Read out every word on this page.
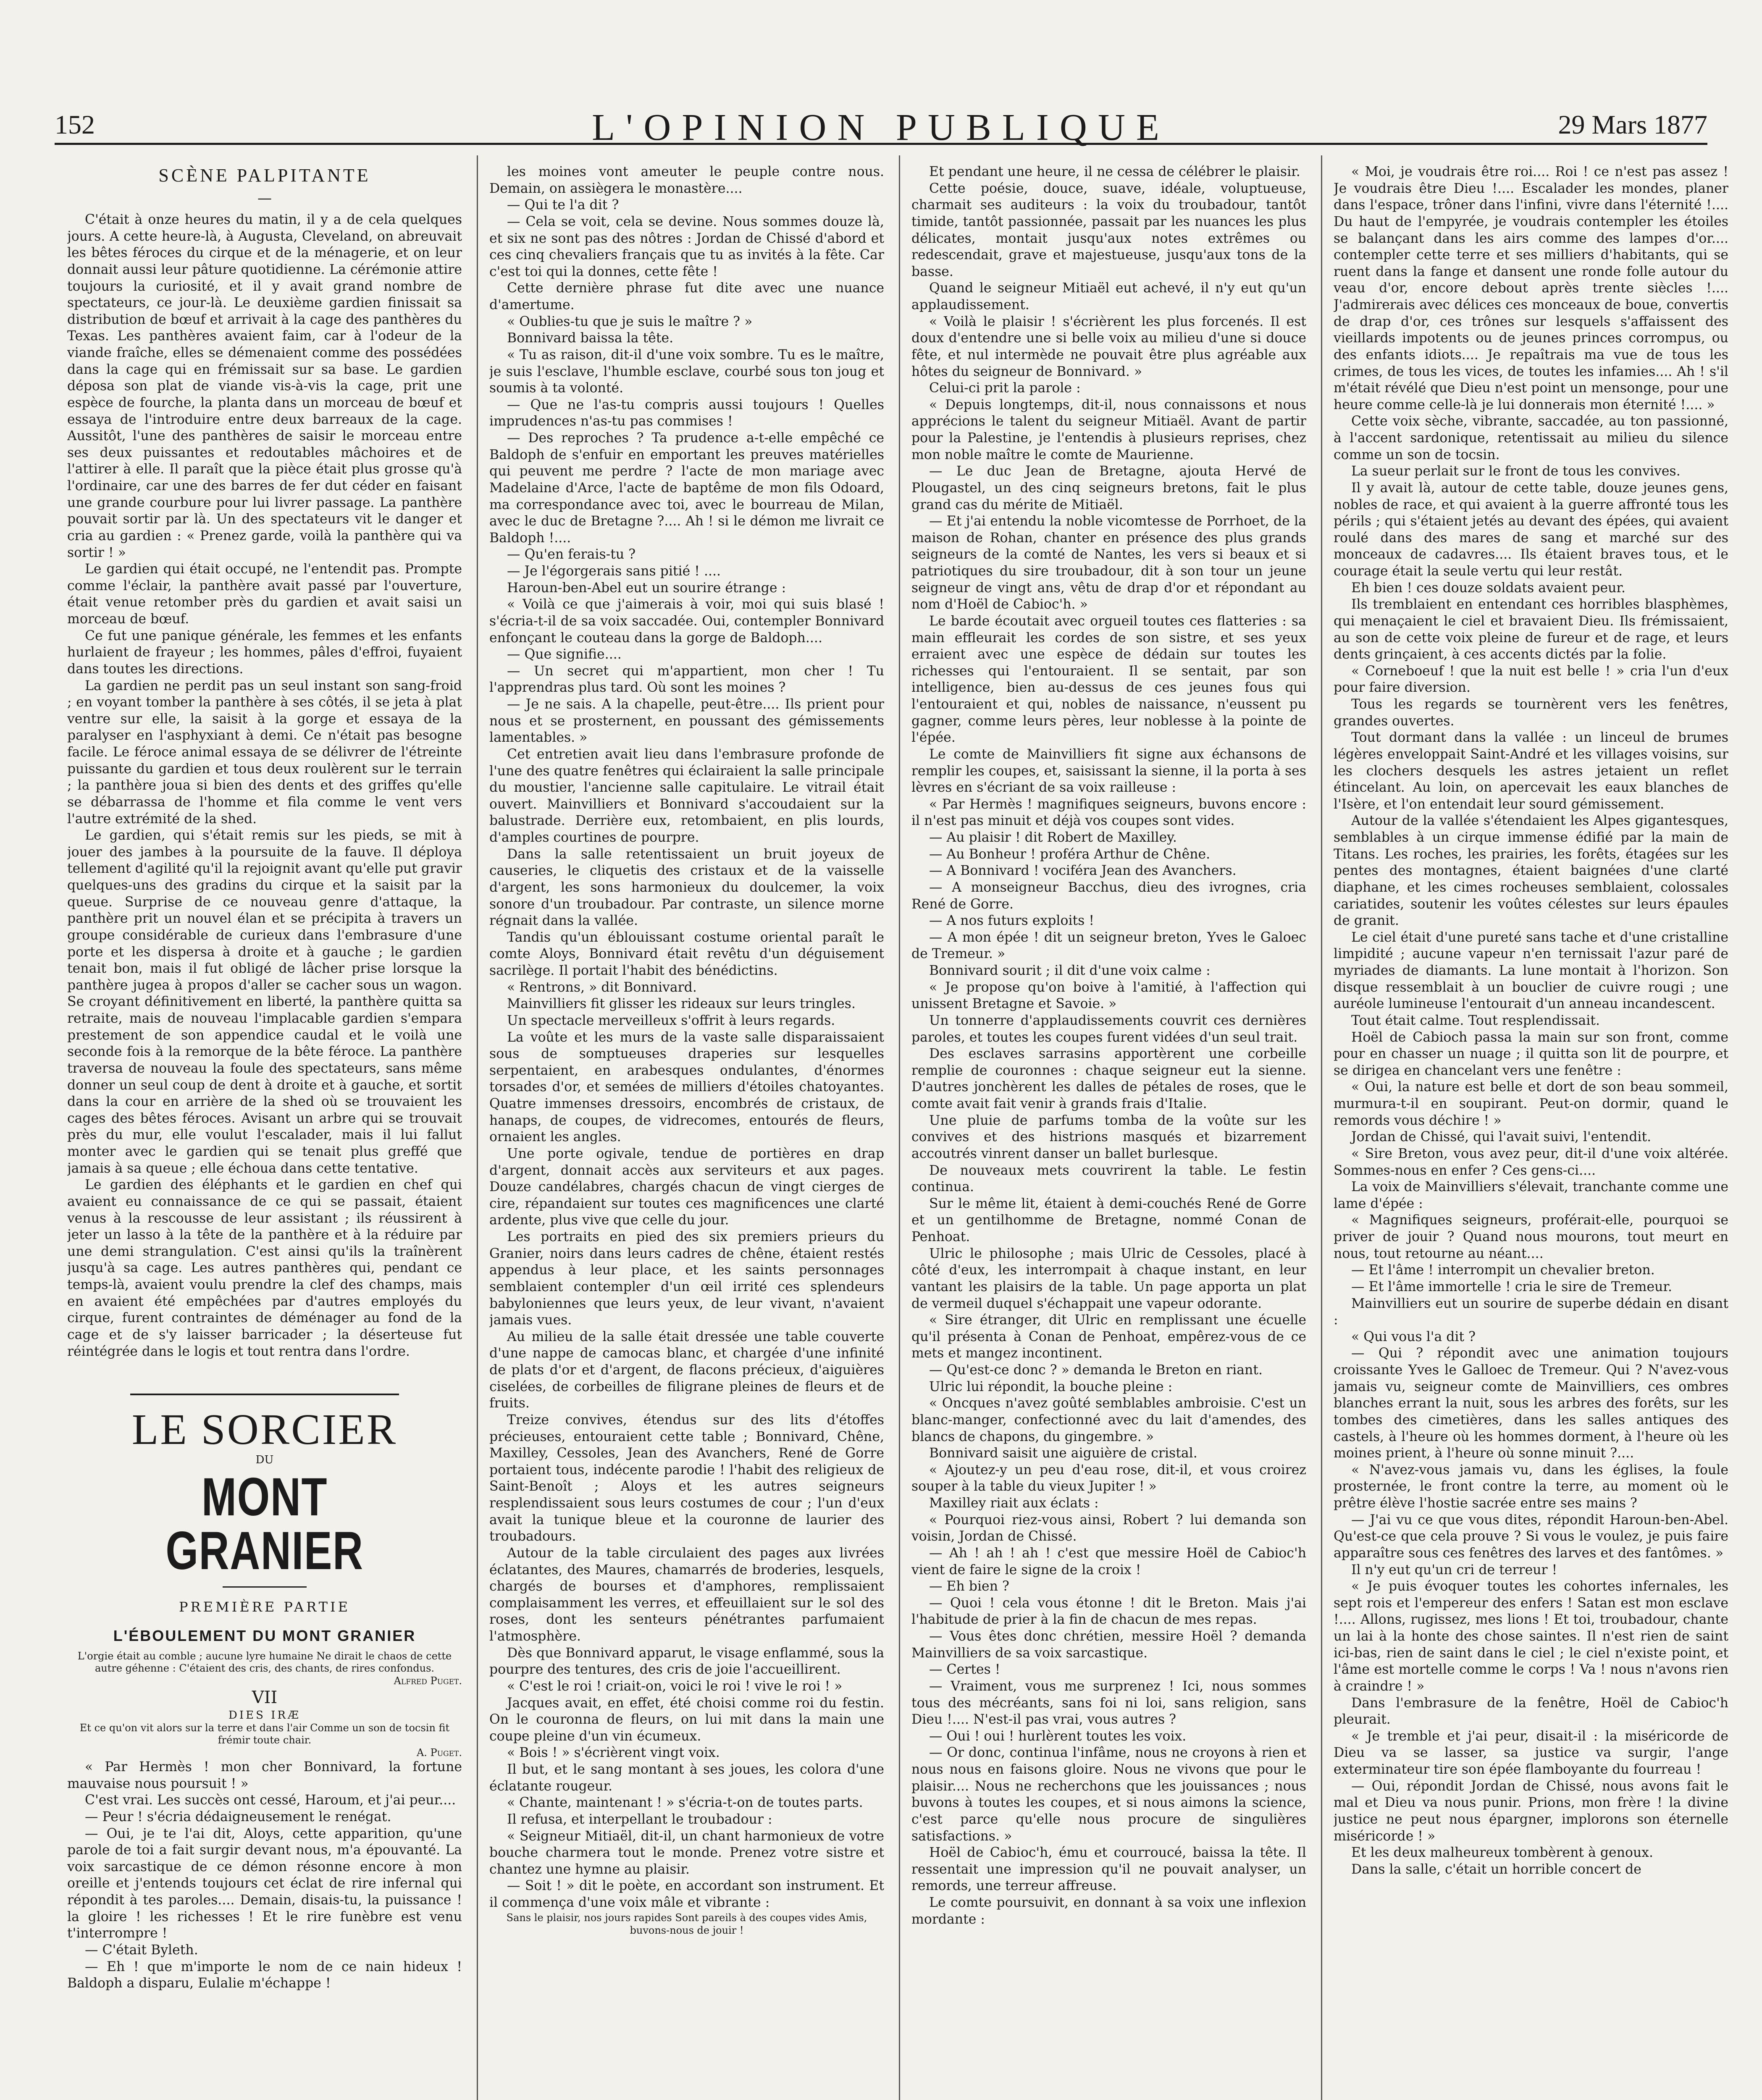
152	L'OPINION PUBLIQUE	29 Mars 1877
SCÈNE PALPITANTE
—

C'était à onze heures du matin, il y a de cela quelques jours. A cette heure-là, à Augusta, Cleveland, on abreuvait les bêtes féroces du cirque et de la ménagerie, et on leur donnait aussi leur pâture quotidienne. La cérémonie attire toujours la curiosité, et il y avait grand nombre de spectateurs, ce jour-là. Le deuxième gardien finissait sa distribution de bœuf et arrivait à la cage des panthères du Texas. Les panthères avaient faim, car à l'odeur de la viande fraîche, elles se démenaient comme des possédées dans la cage qui en frémissait sur sa base. Le gardien déposa son plat de viande vis-à-vis la cage, prit une espèce de fourche, la planta dans un morceau de bœuf et essaya de l'introduire entre deux barreaux de la cage. Aussitôt, l'une des panthères de saisir le morceau entre ses deux puissantes et redoutables mâchoires et de l'attirer à elle. Il paraît que la pièce était plus grosse qu'à l'ordinaire, car une des barres de fer dut céder en faisant une grande courbure pour lui livrer passage. La panthère pouvait sortir par là. Un des spectateurs vit le danger et cria au gardien : « Prenez garde, voilà la panthère qui va sortir ! »

Le gardien qui était occupé, ne l'entendit pas. Prompte comme l'éclair, la panthère avait passé par l'ouverture, était venue retomber près du gardien et avait saisi un morceau de bœuf.

Ce fut une panique générale, les femmes et les enfants hurlaient de frayeur ; les hommes, pâles d'effroi, fuyaient dans toutes les directions.

La gardien ne perdit pas un seul instant son sang-froid ; en voyant tomber la panthère à ses côtés, il se jeta à plat ventre sur elle, la saisit à la gorge et essaya de la paralyser en l'asphyxiant à demi. Ce n'était pas besogne facile. Le féroce animal essaya de se délivrer de l'étreinte puissante du gardien et tous deux roulèrent sur le terrain ; la panthère joua si bien des dents et des griffes qu'elle se débarrassa de l'homme et fila comme le vent vers l'autre extrémité de la shed.

Le gardien, qui s'était remis sur les pieds, se mit à jouer des jambes à la poursuite de la fauve. Il déploya tellement d'agilité qu'il la rejoignit avant qu'elle put gravir quelques-uns des gradins du cirque et la saisit par la queue. Surprise de ce nouveau genre d'attaque, la panthère prit un nouvel élan et se précipita à travers un groupe considérable de curieux dans l'embrasure d'une porte et les dispersa à droite et à gauche ; le gardien tenait bon, mais il fut obligé de lâcher prise lorsque la panthère jugea à propos d'aller se cacher sous un wagon. Se croyant définitivement en liberté, la panthère quitta sa retraite, mais de nouveau l'implacable gardien s'empara prestement de son appendice caudal et le voilà une seconde fois à la remorque de la bête féroce. La panthère traversa de nouveau la foule des spectateurs, sans même donner un seul coup de dent à droite et à gauche, et sortit dans la cour en arrière de la shed où se trouvaient les cages des bêtes féroces. Avisant un arbre qui se trouvait près du mur, elle voulut l'escalader, mais il lui fallut monter avec le gardien qui se tenait plus greffé que jamais à sa queue ; elle échoua dans cette tentative.

Le gardien des éléphants et le gardien en chef qui avaient eu connaissance de ce qui se passait, étaient venus à la rescousse de leur assistant ; ils réussirent à jeter un lasso à la tête de la panthère et à la réduire par une demi strangulation. C'est ainsi qu'ils la traînèrent jusqu'à sa cage. Les autres panthères qui, pendant ce temps-là, avaient voulu prendre la clef des champs, mais en avaient été empêchées par d'autres employés du cirque, furent contraintes de déménager au fond de la cage et de s'y laisser barricader ; la déserteuse fut réintégrée dans le logis et tout rentra dans l'ordre.

LE SORCIER
DU
MONT GRANIER
PREMIÈRE PARTIE
L'ÉBOULEMENT DU MONT GRANIER

L'orgie était au comble ; aucune lyre humaine Ne dirait le chaos de cette autre géhenne : C'étaient des cris, des chants, de rires confondus.

Alfred Puget.

VII

DIES IRÆ

Et ce qu'on vit alors sur la terre et dans l'air Comme un son de tocsin fit frémir toute chair.

A. Puget.

« Par Hermès ! mon cher Bonnivard, la fortune mauvaise nous poursuit ! »

C'est vrai. Les succès ont cessé, Haroum, et j'ai peur....

— Peur ! s'écria dédaigneusement le renégat.

— Oui, je te l'ai dit, Aloys, cette apparition, qu'une parole de toi a fait surgir devant nous, m'a épouvanté. La voix sarcastique de ce démon résonne encore à mon oreille et j'entends toujours cet éclat de rire infernal qui répondit à tes paroles.... Demain, disais-tu, la puissance ! la gloire ! les richesses ! Et le rire funèbre est venu t'interrompre !

— C'était Byleth.

— Eh ! que m'importe le nom de ce nain hideux ! Baldoph a disparu, Eulalie m'échappe !

les moines vont ameuter le peuple contre nous. Demain, on assiègera le monastère....

— Qui te l'a dit ?

— Cela se voit, cela se devine. Nous sommes douze là, et six ne sont pas des nôtres : Jordan de Chissé d'abord et ces cinq chevaliers français que tu as invités à la fête. Car c'est toi qui la donnes, cette fête !

Cette dernière phrase fut dite avec une nuance d'amertume.

« Oublies-tu que je suis le maître ? »

Bonnivard baissa la tête.

« Tu as raison, dit-il d'une voix sombre. Tu es le maître, je suis l'esclave, l'humble esclave, courbé sous ton joug et soumis à ta volonté.

— Que ne l'as-tu compris aussi toujours ! Quelles imprudences n'as-tu pas commises !

— Des reproches ? Ta prudence a-t-elle empêché ce Baldoph de s'enfuir en emportant les preuves matérielles qui peuvent me perdre ? l'acte de mon mariage avec Madelaine d'Arce, l'acte de baptême de mon fils Odoard, ma correspondance avec toi, avec le bourreau de Milan, avec le duc de Bretagne ?.... Ah ! si le démon me livrait ce Baldoph !....

— Qu'en ferais-tu ?

— Je l'égorgerais sans pitié ! ....

Haroun-ben-Abel eut un sourire étrange :

« Voilà ce que j'aimerais à voir, moi qui suis blasé ! s'écria-t-il de sa voix saccadée. Oui, contempler Bonnivard enfonçant le couteau dans la gorge de Baldoph....

— Que signifie....

— Un secret qui m'appartient, mon cher ! Tu l'apprendras plus tard. Où sont les moines ?

— Je ne sais. A la chapelle, peut-être.... Ils prient pour nous et se prosternent, en poussant des gémissements lamentables. »

Cet entretien avait lieu dans l'embrasure profonde de l'une des quatre fenêtres qui éclairaient la salle principale du moustier, l'ancienne salle capitulaire. Le vitrail était ouvert. Mainvilliers et Bonnivard s'accoudaient sur la balustrade. Derrière eux, retombaient, en plis lourds, d'amples courtines de pourpre.

Dans la salle retentissaient un bruit joyeux de causeries, le cliquetis des cristaux et de la vaisselle d'argent, les sons harmonieux du doulcemer, la voix sonore d'un troubadour. Par contraste, un silence morne régnait dans la vallée.

Tandis qu'un éblouissant costume oriental paraît le comte Aloys, Bonnivard était revêtu d'un déguisement sacrilège. Il portait l'habit des bénédictins.

« Rentrons, » dit Bonnivard.

Mainvilliers fit glisser les rideaux sur leurs tringles.

Un spectacle merveilleux s'offrit à leurs regards.

La voûte et les murs de la vaste salle disparaissaient sous de somptueuses draperies sur lesquelles serpentaient, en arabesques ondulantes, d'énormes torsades d'or, et semées de milliers d'étoiles chatoyantes. Quatre immenses dressoirs, encombrés de cristaux, de hanaps, de coupes, de vidrecomes, entourés de fleurs, ornaient les angles.

Une porte ogivale, tendue de portières en drap d'argent, donnait accès aux serviteurs et aux pages. Douze candélabres, chargés chacun de vingt cierges de cire, répandaient sur toutes ces magnificences une clarté ardente, plus vive que celle du jour.

Les portraits en pied des six premiers prieurs du Granier, noirs dans leurs cadres de chêne, étaient restés appendus à leur place, et les saints personnages semblaient contempler d'un œil irrité ces splendeurs babyloniennes que leurs yeux, de leur vivant, n'avaient jamais vues.

Au milieu de la salle était dressée une table couverte d'une nappe de camocas blanc, et chargée d'une infinité de plats d'or et d'argent, de flacons précieux, d'aiguières ciselées, de corbeilles de filigrane pleines de fleurs et de fruits.

Treize convives, étendus sur des lits d'étoffes précieuses, entouraient cette table ; Bonnivard, Chêne, Maxilley, Cessoles, Jean des Avanchers, René de Gorre portaient tous, indécente parodie ! l'habit des religieux de Saint-Benoît ; Aloys et les autres seigneurs resplendissaient sous leurs costumes de cour ; l'un d'eux avait la tunique bleue et la couronne de laurier des troubadours.

Autour de la table circulaient des pages aux livrées éclatantes, des Maures, chamarrés de broderies, lesquels, chargés de bourses et d'amphores, remplissaient complaisamment les verres, et effeuillaient sur le sol des roses, dont les senteurs pénétrantes parfumaient l'atmosphère.

Dès que Bonnivard apparut, le visage enflammé, sous la pourpre des tentures, des cris de joie l'accueillirent.

« C'est le roi ! criait-on, voici le roi ! vive le roi ! »

Jacques avait, en effet, été choisi comme roi du festin. On le couronna de fleurs, on lui mit dans la main une coupe pleine d'un vin écumeux.

« Bois ! » s'écrièrent vingt voix.

Il but, et le sang montant à ses joues, les colora d'une éclatante rougeur.

« Chante, maintenant ! » s'écria-t-on de toutes parts.

Il refusa, et interpellant le troubadour :

« Seigneur Mitiaël, dit-il, un chant harmonieux de votre bouche charmera tout le monde. Prenez votre sistre et chantez une hymne au plaisir.

— Soit ! » dit le poète, en accordant son instrument. Et il commença d'une voix mâle et vibrante :

Sans le plaisir, nos jours rapides Sont pareils à des coupes vides Amis, buvons-nous de jouir !

Et pendant une heure, il ne cessa de célébrer le plaisir.

Cette poésie, douce, suave, idéale, voluptueuse, charmait ses auditeurs : la voix du troubadour, tantôt timide, tantôt passionnée, passait par les nuances les plus délicates, montait jusqu'aux notes extrêmes ou redescendait, grave et majestueuse, jusqu'aux tons de la basse.

Quand le seigneur Mitiaël eut achevé, il n'y eut qu'un applaudissement.

« Voilà le plaisir ! s'écrièrent les plus forcenés. Il est doux d'entendre une si belle voix au milieu d'une si douce fête, et nul intermède ne pouvait être plus agréable aux hôtes du seigneur de Bonnivard. »

Celui-ci prit la parole :

« Depuis longtemps, dit-il, nous connaissons et nous apprécions le talent du seigneur Mitiaël. Avant de partir pour la Palestine, je l'entendis à plusieurs reprises, chez mon noble maître le comte de Maurienne.

— Le duc Jean de Bretagne, ajouta Hervé de Plougastel, un des cinq seigneurs bretons, fait le plus grand cas du mérite de Mitiaël.

— Et j'ai entendu la noble vicomtesse de Porrhoet, de la maison de Rohan, chanter en présence des plus grands seigneurs de la comté de Nantes, les vers si beaux et si patriotiques du sire troubadour, dit à son tour un jeune seigneur de vingt ans, vêtu de drap d'or et répondant au nom d'Hoël de Cabioc'h. »

Le barde écoutait avec orgueil toutes ces flatteries : sa main effleurait les cordes de son sistre, et ses yeux erraient avec une espèce de dédain sur toutes les richesses qui l'entouraient. Il se sentait, par son intelligence, bien au-dessus de ces jeunes fous qui l'entouraient et qui, nobles de naissance, n'eussent pu gagner, comme leurs pères, leur noblesse à la pointe de l'épée.

Le comte de Mainvilliers fit signe aux échansons de remplir les coupes, et, saisissant la sienne, il la porta à ses lèvres en s'écriant de sa voix railleuse :

« Par Hermès ! magnifiques seigneurs, buvons encore : il n'est pas minuit et déjà vos coupes sont vides.

— Au plaisir ! dit Robert de Maxilley.

— Au Bonheur ! proféra Arthur de Chêne.

— A Bonnivard ! vociféra Jean des Avanchers.

— A monseigneur Bacchus, dieu des ivrognes, cria René de Gorre.

— A nos futurs exploits !

— A mon épée ! dit un seigneur breton, Yves le Galoec de Tremeur. »

Bonnivard sourit ; il dit d'une voix calme :

« Je propose qu'on boive à l'amitié, à l'affection qui unissent Bretagne et Savoie. »

Un tonnerre d'applaudissements couvrit ces dernières paroles, et toutes les coupes furent vidées d'un seul trait.

Des esclaves sarrasins apportèrent une corbeille remplie de couronnes : chaque seigneur eut la sienne. D'autres jonchèrent les dalles de pétales de roses, que le comte avait fait venir à grands frais d'Italie.

Une pluie de parfums tomba de la voûte sur les convives et des histrions masqués et bizarrement accoutrés vinrent danser un ballet burlesque.

De nouveaux mets couvrirent la table. Le festin continua.

Sur le même lit, étaient à demi-couchés René de Gorre et un gentilhomme de Bretagne, nommé Conan de Penhoat.

Ulric le philosophe ; mais Ulric de Cessoles, placé à côté d'eux, les interrompait à chaque instant, en leur vantant les plaisirs de la table. Un page apporta un plat de vermeil duquel s'échappait une vapeur odorante.

« Sire étranger, dit Ulric en remplissant une écuelle qu'il présenta à Conan de Penhoat, empêrez-vous de ce mets et mangez incontinent.

— Qu'est-ce donc ? » demanda le Breton en riant.

Ulric lui répondit, la bouche pleine :

« Oncques n'avez goûté semblables ambroisie. C'est un blanc-manger, confectionné avec du lait d'amendes, des blancs de chapons, du gingembre. »

Bonnivard saisit une aiguière de cristal.

« Ajoutez-y un peu d'eau rose, dit-il, et vous croirez souper à la table du vieux Jupiter ! »

Maxilley riait aux éclats :

« Pourquoi riez-vous ainsi, Robert ? lui demanda son voisin, Jordan de Chissé.

— Ah ! ah ! ah ! c'est que messire Hoël de Cabioc'h vient de faire le signe de la croix !

— Eh bien ?

— Quoi ! cela vous étonne ! dit le Breton. Mais j'ai l'habitude de prier à la fin de chacun de mes repas.

— Vous êtes donc chrétien, messire Hoël ? demanda Mainvilliers de sa voix sarcastique.

— Certes !

— Vraiment, vous me surprenez ! Ici, nous sommes tous des mécréants, sans foi ni loi, sans religion, sans Dieu !.... N'est-il pas vrai, vous autres ?

— Oui ! oui ! hurlèrent toutes les voix.

— Or donc, continua l'infâme, nous ne croyons à rien et nous nous en faisons gloire. Nous ne vivons que pour le plaisir.... Nous ne recherchons que les jouissances ; nous buvons à toutes les coupes, et si nous aimons la science, c'est parce qu'elle nous procure de singulières satisfactions. »

Hoël de Cabioc'h, ému et courroucé, baissa la tête. Il ressentait une impression qu'il ne pouvait analyser, un remords, une terreur affreuse.

Le comte poursuivit, en donnant à sa voix une inflexion mordante :

« Moi, je voudrais être roi.... Roi ! ce n'est pas assez ! Je voudrais être Dieu !.... Escalader les mondes, planer dans l'espace, trôner dans l'infini, vivre dans l'éternité !.... Du haut de l'empyrée, je voudrais contempler les étoiles se balançant dans les airs comme des lampes d'or.... contempler cette terre et ses milliers d'habitants, qui se ruent dans la fange et dansent une ronde folle autour du veau d'or, encore debout après trente siècles !.... J'admirerais avec délices ces monceaux de boue, convertis de drap d'or, ces trônes sur lesquels s'affaissent des vieillards impotents ou de jeunes princes corrompus, ou des enfants idiots.... Je repaîtrais ma vue de tous les crimes, de tous les vices, de toutes les infamies.... Ah ! s'il m'était révélé que Dieu n'est point un mensonge, pour une heure comme celle-là je lui donnerais mon éternité !.... »

Cette voix sèche, vibrante, saccadée, au ton passionné, à l'accent sardonique, retentissait au milieu du silence comme un son de tocsin.

La sueur perlait sur le front de tous les convives.

Il y avait là, autour de cette table, douze jeunes gens, nobles de race, et qui avaient à la guerre affronté tous les périls ; qui s'étaient jetés au devant des épées, qui avaient roulé dans des mares de sang et marché sur des monceaux de cadavres.... Ils étaient braves tous, et le courage était la seule vertu qui leur restât.

Eh bien ! ces douze soldats avaient peur.

Ils tremblaient en entendant ces horribles blasphèmes, qui menaçaient le ciel et bravaient Dieu. Ils frémissaient, au son de cette voix pleine de fureur et de rage, et leurs dents grinçaient, à ces accents dictés par la folie.

« Corneboeuf ! que la nuit est belle ! » cria l'un d'eux pour faire diversion.

Tous les regards se tournèrent vers les fenêtres, grandes ouvertes.

Tout dormant dans la vallée : un linceul de brumes légères enveloppait Saint-André et les villages voisins, sur les clochers desquels les astres jetaient un reflet étincelant. Au loin, on apercevait les eaux blanches de l'Isère, et l'on entendait leur sourd gémissement.

Autour de la vallée s'étendaient les Alpes gigantesques, semblables à un cirque immense édifié par la main de Titans. Les roches, les prairies, les forêts, étagées sur les pentes des montagnes, étaient baignées d'une clarté diaphane, et les cimes rocheuses semblaient, colossales cariatides, soutenir les voûtes célestes sur leurs épaules de granit.

Le ciel était d'une pureté sans tache et d'une cristalline limpidité ; aucune vapeur n'en ternissait l'azur paré de myriades de diamants. La lune montait à l'horizon. Son disque ressemblait à un bouclier de cuivre rougi ; une auréole lumineuse l'entourait d'un anneau incandescent.

Tout était calme. Tout resplendissait.

Hoël de Cabioch passa la main sur son front, comme pour en chasser un nuage ; il quitta son lit de pourpre, et se dirigea en chancelant vers une fenêtre :

« Oui, la nature est belle et dort de son beau sommeil, murmura-t-il en soupirant. Peut-on dormir, quand le remords vous déchire ! »

Jordan de Chissé, qui l'avait suivi, l'entendit.

« Sire Breton, vous avez peur, dit-il d'une voix altérée. Sommes-nous en enfer ? Ces gens-ci....

La voix de Mainvilliers s'élevait, tranchante comme une lame d'épée :

« Magnifiques seigneurs, proférait-elle, pourquoi se priver de jouir ? Quand nous mourons, tout meurt en nous, tout retourne au néant....

— Et l'âme ! interrompit un chevalier breton.

— Et l'âme immortelle ! cria le sire de Tremeur.

Mainvilliers eut un sourire de superbe dédain en disant :

« Qui vous l'a dit ?

— Qui ? répondit avec une animation toujours croissante Yves le Galloec de Tremeur. Qui ? N'avez-vous jamais vu, seigneur comte de Mainvilliers, ces ombres blanches errant la nuit, sous les arbres des forêts, sur les tombes des cimetières, dans les salles antiques des castels, à l'heure où les hommes dorment, à l'heure où les moines prient, à l'heure où sonne minuit ?....

« N'avez-vous jamais vu, dans les églises, la foule prosternée, le front contre la terre, au moment où le prêtre élève l'hostie sacrée entre ses mains ?

— J'ai vu ce que vous dites, répondit Haroun-ben-Abel. Qu'est-ce que cela prouve ? Si vous le voulez, je puis faire apparaître sous ces fenêtres des larves et des fantômes. »

Il n'y eut qu'un cri de terreur !

« Je puis évoquer toutes les cohortes infernales, les sept rois et l'empereur des enfers ! Satan est mon esclave !.... Allons, rugissez, mes lions ! Et toi, troubadour, chante un lai à la honte des chose saintes. Il n'est rien de saint ici-bas, rien de saint dans le ciel ; le ciel n'existe point, et l'âme est mortelle comme le corps ! Va ! nous n'avons rien à craindre ! »

Dans l'embrasure de la fenêtre, Hoël de Cabioc'h pleurait.

« Je tremble et j'ai peur, disait-il : la miséricorde de Dieu va se lasser, sa justice va surgir, l'ange exterminateur tire son épée flamboyante du fourreau !

— Oui, répondit Jordan de Chissé, nous avons fait le mal et Dieu va nous punir. Prions, mon frère ! la divine justice ne peut nous épargner, implorons son éternelle miséricorde ! »

Et les deux malheureux tombèrent à genoux.

Dans la salle, c'était un horrible concert de
